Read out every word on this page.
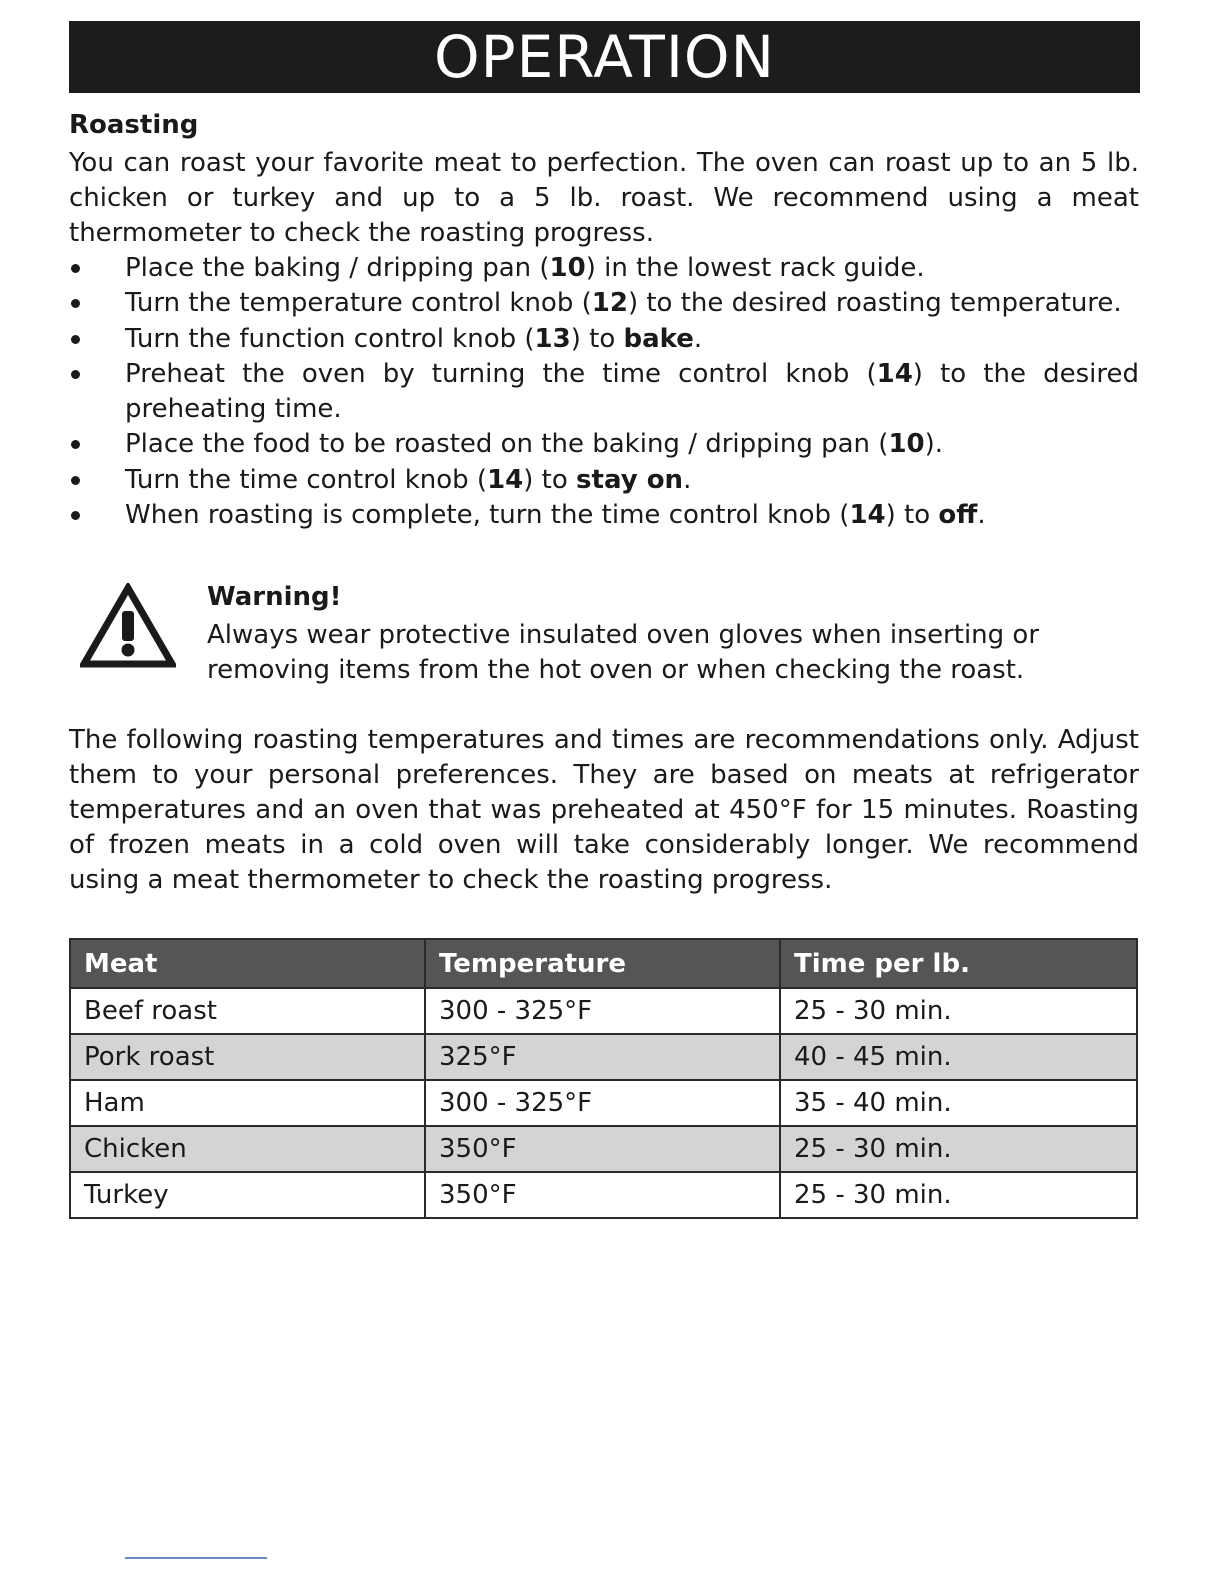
OPERATION
Roasting

You can roast your favorite meat to perfection. The oven can roast up to an 5 lb. chicken or turkey and up to a 5 lb. roast. We recommend using a meat thermometer to check the roasting progress.

Place the baking / dripping pan (10) in the lowest rack guide.
Turn the temperature control knob (12) to the desired roasting temperature.
Turn the function control knob (13) to bake.
Preheat the oven by turning the time control knob (14) to the desired preheating time.
Place the food to be roasted on the baking / dripping pan (10).
Turn the time control knob (14) to stay on.
When roasting is complete, turn the time control knob (14) to off.
Warning!

Always wear protective insulated oven gloves when inserting or removing items from the hot oven or when checking the roast.

The following roasting temperatures and times are recommendations only. Adjust them to your personal preferences. They are based on meats at refrigerator temperatures and an oven that was preheated at 450°F for 15 minutes. Roasting of frozen meats in a cold oven will take considerably longer. We recommend using a meat thermometer to check the roasting progress.

Meat	Temperature	Time per lb.
Beef roast	300 - 325°F	25 - 30 min.
Pork roast	325°F	40 - 45 min.
Ham	300 - 325°F	35 - 40 min.
Chicken	350°F	25 - 30 min.
Turkey	350°F	25 - 30 min.
